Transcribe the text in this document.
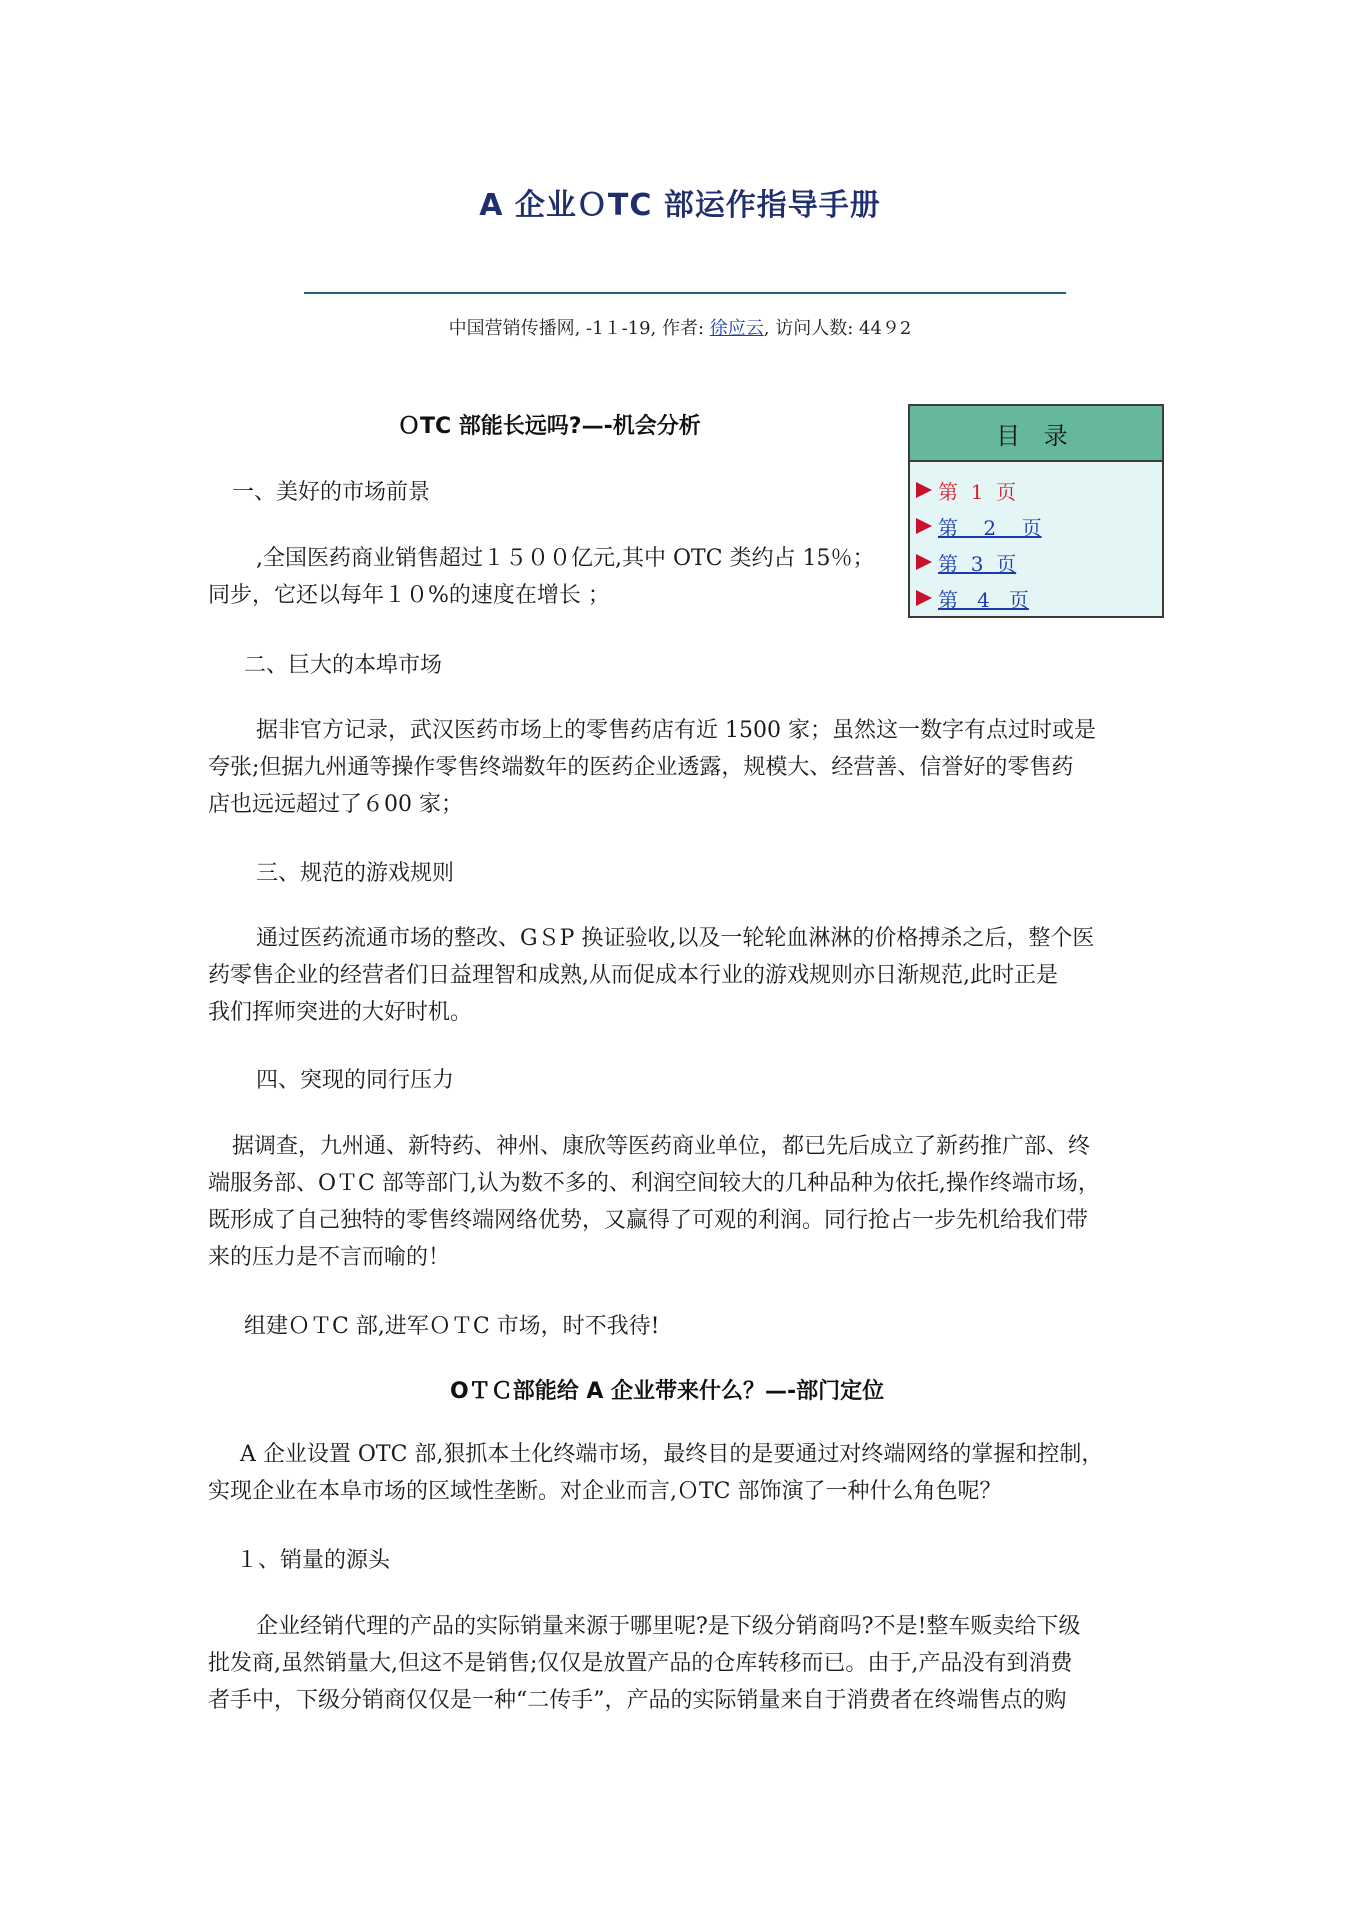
A 企业ＯTC 部运作指导手册
中国营销传播网, -1１-19, 作者: 徐应云, 访问人数: 44９2
目 录
第  1  页
第    2    页
第  3  页
第   4   页
ＯTC 部能长远吗?—-机会分析
一、美好的市场前景
,全国医药商业销售超过１５００亿元,其中 OTC 类约占 15％；
同步，它还以每年１０%的速度在增长 ；
二、巨大的本埠市场
据非官方记录，武汉医药市场上的零售药店有近 1500 家；虽然这一数字有点过时或是
夸张;但据九州通等操作零售终端数年的医药企业透露，规模大、经营善、信誉好的零售药
店也远远超过了６00 家；
三、规范的游戏规则
通过医药流通市场的整改、GＳP 换证验收,以及一轮轮血淋淋的价格搏杀之后，整个医
药零售企业的经营者们日益理智和成熟,从而促成本行业的游戏规则亦日渐规范,此时正是
我们挥师突进的大好时机。
四、突现的同行压力
据调查，九州通、新特药、神州、康欣等医药商业单位，都已先后成立了新药推广部、终
端服务部、OＴC 部等部门,认为数不多的、利润空间较大的几种品种为依托,操作终端市场，
既形成了自己独特的零售终端网络优势，又赢得了可观的利润。同行抢占一步先机给我们带
来的压力是不言而喻的！
组建ＯＴC 部,进军ＯＴC 市场，时不我待!
OＴＣ部能给 A 企业带来什么？—-部门定位
A 企业设置 OTC 部,狠抓本土化终端市场，最终目的是要通过对终端网络的掌握和控制，
实现企业在本阜市场的区域性垄断。对企业而言,ＯTC 部饰演了一种什么角色呢？
１、销量的源头
企业经销代理的产品的实际销量来源于哪里呢?是下级分销商吗?不是!整车贩卖给下级
批发商,虽然销量大,但这不是销售;仅仅是放置产品的仓库转移而已。由于,产品没有到消费
者手中，下级分销商仅仅是一种“二传手”，产品的实际销量来自于消费者在终端售点的购
